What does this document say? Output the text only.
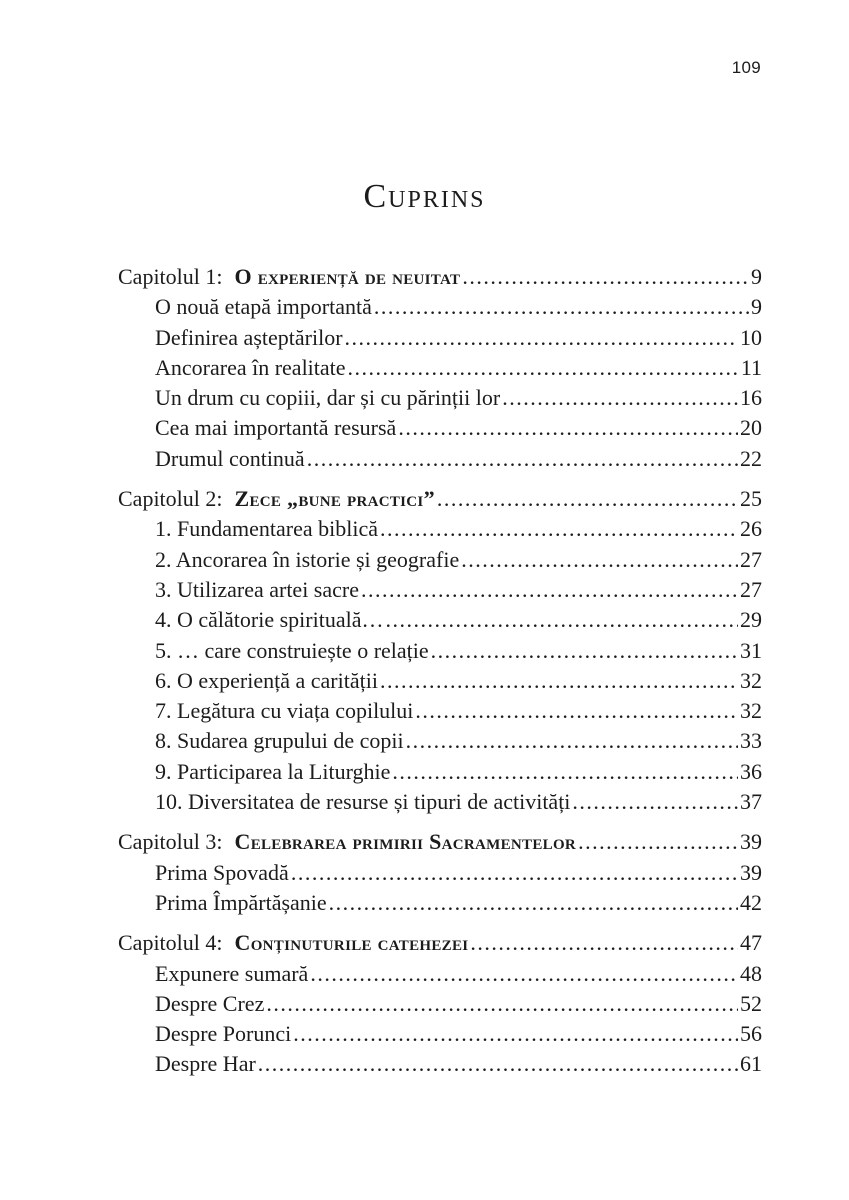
109
Cuprins
Capitolul 1: O experiență de neuitat .....	9
O nouă etapă importantă .....	9
Definirea așteptărilor .....	10
Ancorarea în realitate .....	11
Un drum cu copiii, dar și cu părinții lor .....	16
Cea mai importantă resursă .....	20
Drumul continuă .....	22
Capitolul 2: Zece „bune practici” .....	25
1. Fundamentarea biblică .....	26
2. Ancorarea în istorie și geografie .....	27
3. Utilizarea artei sacre .....	27
4. O călătorie spirituală… .....	29
5. … care construiește o relație .....	31
6. O experiență a carității .....	32
7. Legătura cu viața copilului .....	32
8. Sudarea grupului de copii .....	33
9. Participarea la Liturghie .....	36
10. Diversitatea de resurse și tipuri de activități .....	37
Capitolul 3: Celebrarea primirii Sacramentelor .....	39
Prima Spovadă .....	39
Prima Împărtășanie .....	42
Capitolul 4: Conținuturile catehezei .....	47
Expunere sumară .....	48
Despre Crez .....	52
Despre Porunci .....	56
Despre Har .....	61
